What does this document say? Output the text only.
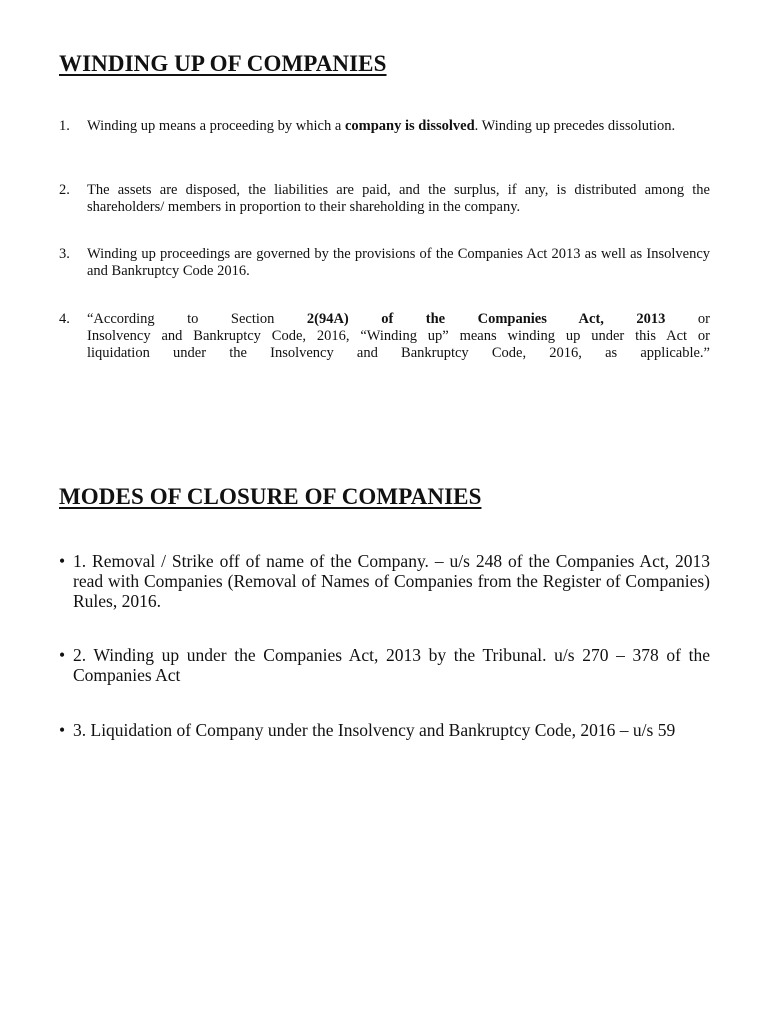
WINDING UP OF COMPANIES
1.	Winding up means a proceeding by which a company is dissolved. Winding up precedes dissolution.
2.	The assets are disposed, the liabilities are paid, and the surplus, if any, is distributed among the shareholders/ members in proportion to their shareholding in the company.
3.	Winding up proceedings are governed by the provisions of the Companies Act 2013 as well as Insolvency and Bankruptcy Code 2016.
4.	“According to Section 2(94A) of the Companies Act, 2013 or
Insolvency and Bankruptcy Code, 2016, “Winding up” means winding up under this Act or
liquidation under the Insolvency and Bankruptcy Code, 2016, as applicable.”
MODES OF CLOSURE OF COMPANIES
• 1. Removal / Strike off of name of the Company. – u/s 248 of the Companies Act, 2013 read with Companies (Removal of Names of Companies from the Register of Companies) Rules, 2016.
• 2. Winding up under the Companies Act, 2013 by the Tribunal. u/s 270 – 378 of the Companies Act
• 3. Liquidation of Company under the Insolvency and Bankruptcy Code, 2016 – u/s 59
